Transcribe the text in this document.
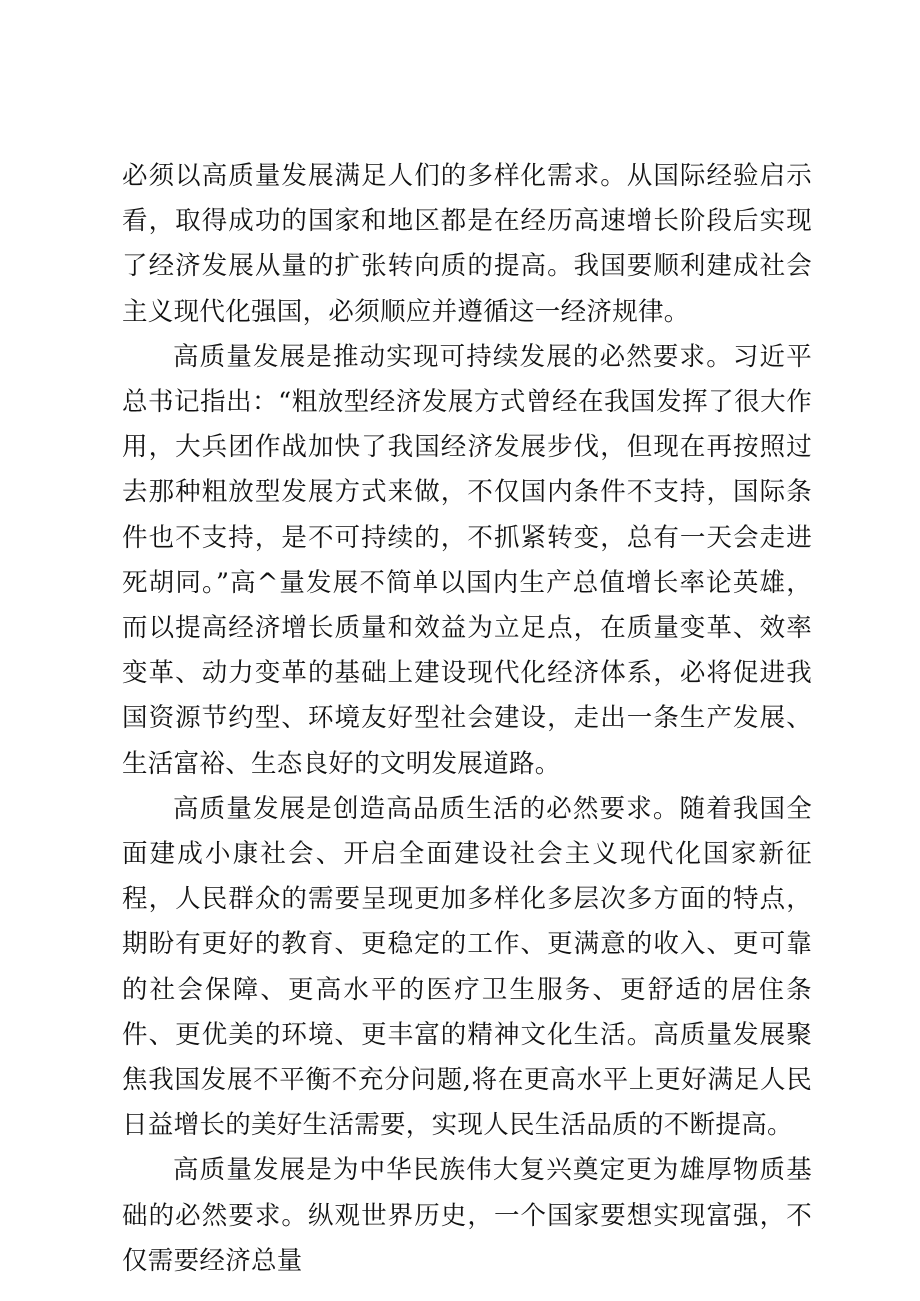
必须以高质量发展满足人们的多样化需求。从国际经验启示看，取得成功的国家和地区都是在经历高速增长阶段后实现了经济发展从量的扩张转向质的提高。我国要顺利建成社会主义现代化强国，必须顺应并遵循这一经济规律。

高质量发展是推动实现可持续发展的必然要求。习近平总书记指出：“粗放型经济发展方式曾经在我国发挥了很大作用，大兵团作战加快了我国经济发展步伐，但现在再按照过去那种粗放型发展方式来做，不仅国内条件不支持，国际条件也不支持，是不可持续的，不抓紧转变，总有一天会走进死胡同。”高^量发展不简单以国内生产总值增长率论英雄，而以提高经济增长质量和效益为立足点，在质量变革、效率变革、动力变革的基础上建设现代化经济体系，必将促进我国资源节约型、环境友好型社会建设，走出一条生产发展、生活富裕、生态良好的文明发展道路。

高质量发展是创造高品质生活的必然要求。随着我国全面建成小康社会、开启全面建设社会主义现代化国家新征程，人民群众的需要呈现更加多样化多层次多方面的特点，期盼有更好的教育、更稳定的工作、更满意的收入、更可靠的社会保障、更高水平的医疗卫生服务、更舒适的居住条件、更优美的环境、更丰富的精神文化生活。高质量发展聚焦我国发展不平衡不充分问题,将在更高水平上更好满足人民日益增长的美好生活需要，实现人民生活品质的不断提高。

高质量发展是为中华民族伟大复兴奠定更为雄厚物质基础的必然要求。纵观世界历史，一个国家要想实现富强，不仅需要经济总量
